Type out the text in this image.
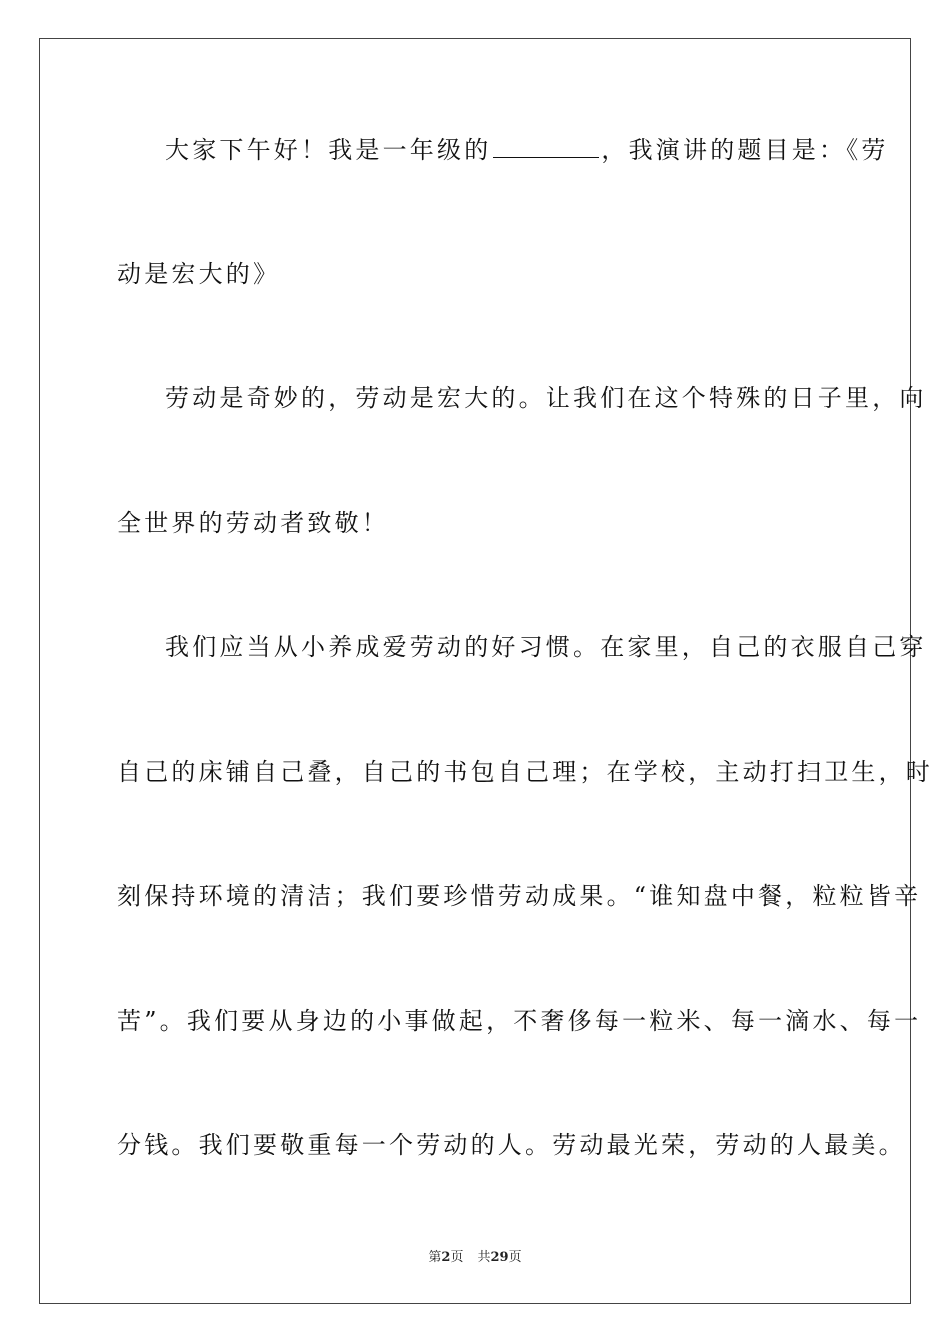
大家下午好！我是一年级的	，我演讲的题目是：《劳
动是宏大的》
劳动是奇妙的，劳动是宏大的。让我们在这个特殊的日子里，向
全世界的劳动者致敬！
我们应当从小养成爱劳动的好习惯。在家里，自己的衣服自己穿
自己的床铺自己叠，自己的书包自己理；在学校，主动打扫卫生，时
刻保持环境的清洁；我们要珍惜劳动成果。“谁知盘中餐，粒粒皆辛
苦”。我们要从身边的小事做起，不奢侈每一粒米、每一滴水、每一
分钱。我们要敬重每一个劳动的人。劳动最光荣，劳动的人最美。
第2页 共29页
